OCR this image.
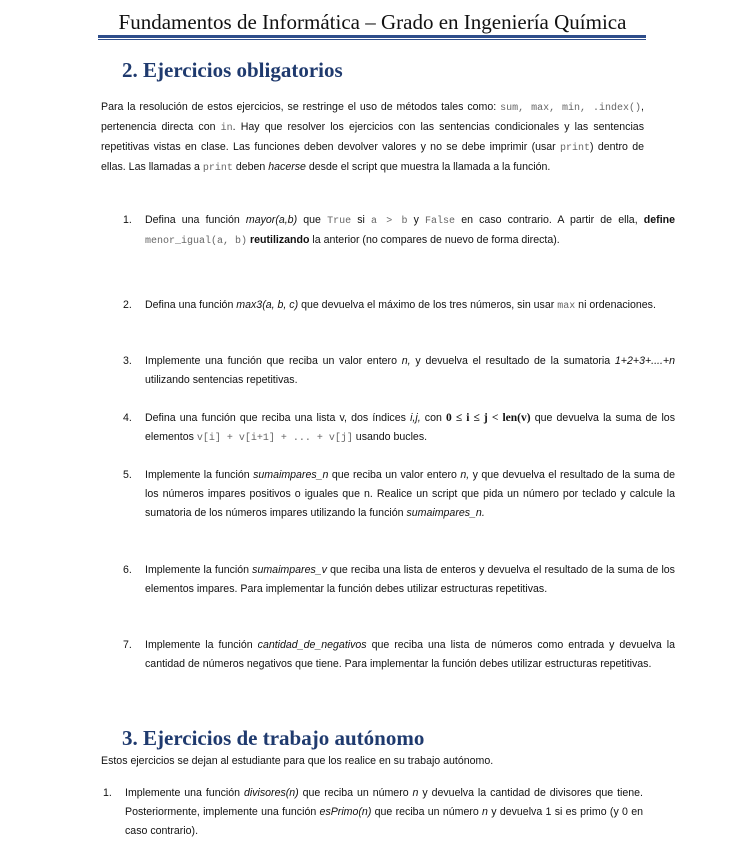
Fundamentos de Informática – Grado en Ingeniería Química
2. Ejercicios obligatorios

Para la resolución de estos ejercicios, se restringe el uso de métodos tales como: sum, max, min, .index(), pertenencia directa con in. Hay que resolver los ejercicios con las sentencias condicionales y las sentencias repetitivas vistas en clase. Las funciones deben devolver valores y no se debe imprimir (usar print) dentro de ellas. Las llamadas a print deben hacerse desde el script que muestra la llamada a la función.

1. Defina una función mayor(a,b) que True si a > b y False en caso contrario. A partir de ella, define menor_igual(a, b) reutilizando la anterior (no compares de nuevo de forma directa).
2. Defina una función max3(a, b, c) que devuelva el máximo de los tres números, sin usar max ni ordenaciones.
3. Implemente una función que reciba un valor entero n, y devuelva el resultado de la sumatoria 1+2+3+....+n utilizando sentencias repetitivas.
4. Defina una función que reciba una lista v, dos índices i,j, con 0 ≤ i ≤ j < len(v) que devuelva la suma de los elementos v[i] + v[i+1] + ... + v[j] usando bucles.
5. Implemente la función sumaimpares_n que reciba un valor entero n, y que devuelva el resultado de la suma de los números impares positivos o iguales que n. Realice un script que pida un número por teclado y calcule la sumatoria de los números impares utilizando la función sumaimpares_n.
6. Implemente la función sumaimpares_v que reciba una lista de enteros y devuelva el resultado de la suma de los elementos impares. Para implementar la función debes utilizar estructuras repetitivas.
7. Implemente la función cantidad_de_negativos que reciba una lista de números como entrada y devuelva la cantidad de números negativos que tiene. Para implementar la función debes utilizar estructuras repetitivas.
3. Ejercicios de trabajo autónomo

Estos ejercicios se dejan al estudiante para que los realice en su trabajo autónomo.

1. Implemente una función divisores(n) que reciba un número n y devuelva la cantidad de divisores que tiene. Posteriormente, implemente una función esPrimo(n) que reciba un número n y devuelva 1 si es primo (y 0 en caso contrario).
